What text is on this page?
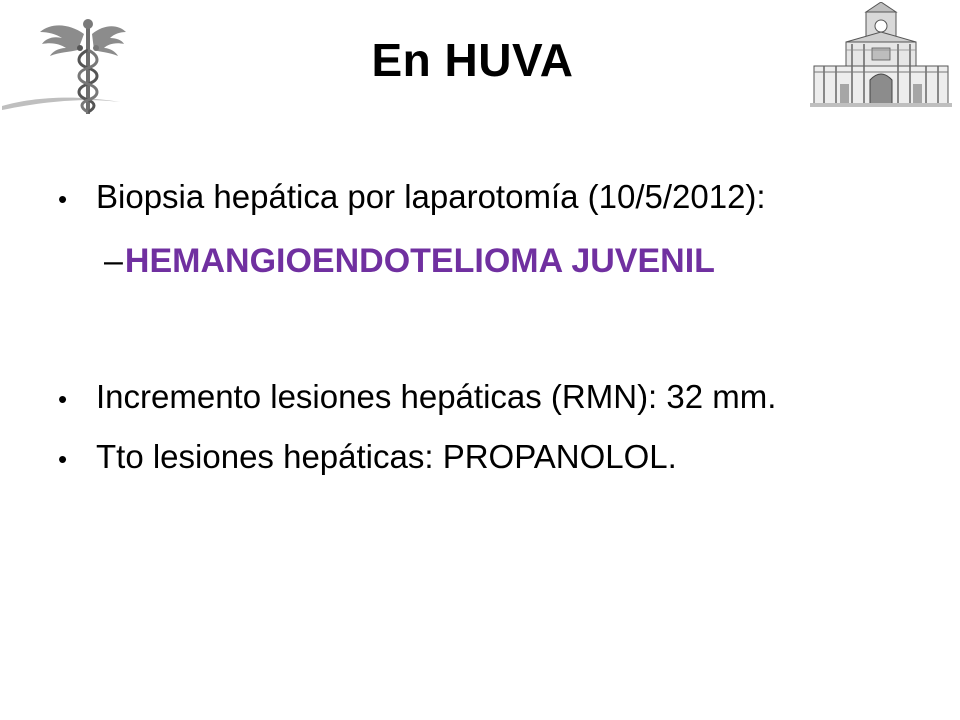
En HUVA
• Biopsia hepática por laparotomía (10/5/2012):
– HEMANGIOENDOTELIOMA JUVENIL
• Incremento lesiones hepáticas (RMN): 32 mm.
• Tto lesiones hepáticas: PROPANOLOL.
